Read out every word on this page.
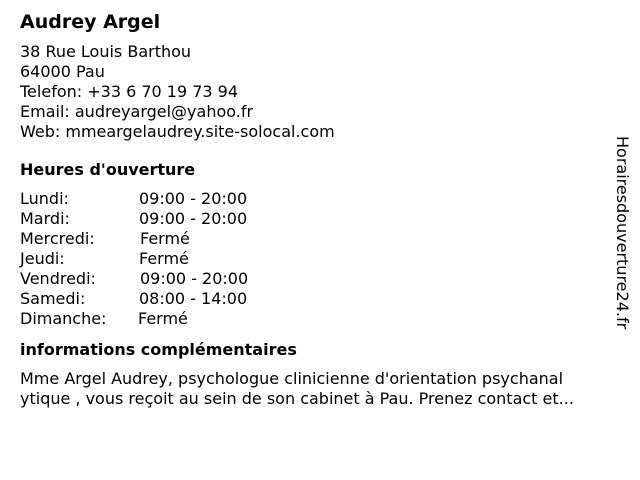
Audrey Argel
38 Rue Louis Barthou
64000 Pau
Telefon: +33 6 70 19 73 94
Email: audreyargel@yahoo.fr
Web: mmeargelaudrey.site-solocal.com
Heures d'ouverture
Lundi:	09:00 - 20:00
Mardi:	09:00 - 20:00
Mercredi:	Fermé
Jeudi:	Fermé
Vendredi:	09:00 - 20:00
Samedi:	08:00 - 14:00
Dimanche: Fermé
informations complémentaires
Mme Argel Audrey, psychologue clinicienne d'orientation psychanal
ytique , vous reçoit au sein de son cabinet à Pau. Prenez contact et...
Horairesdouverture24.fr
